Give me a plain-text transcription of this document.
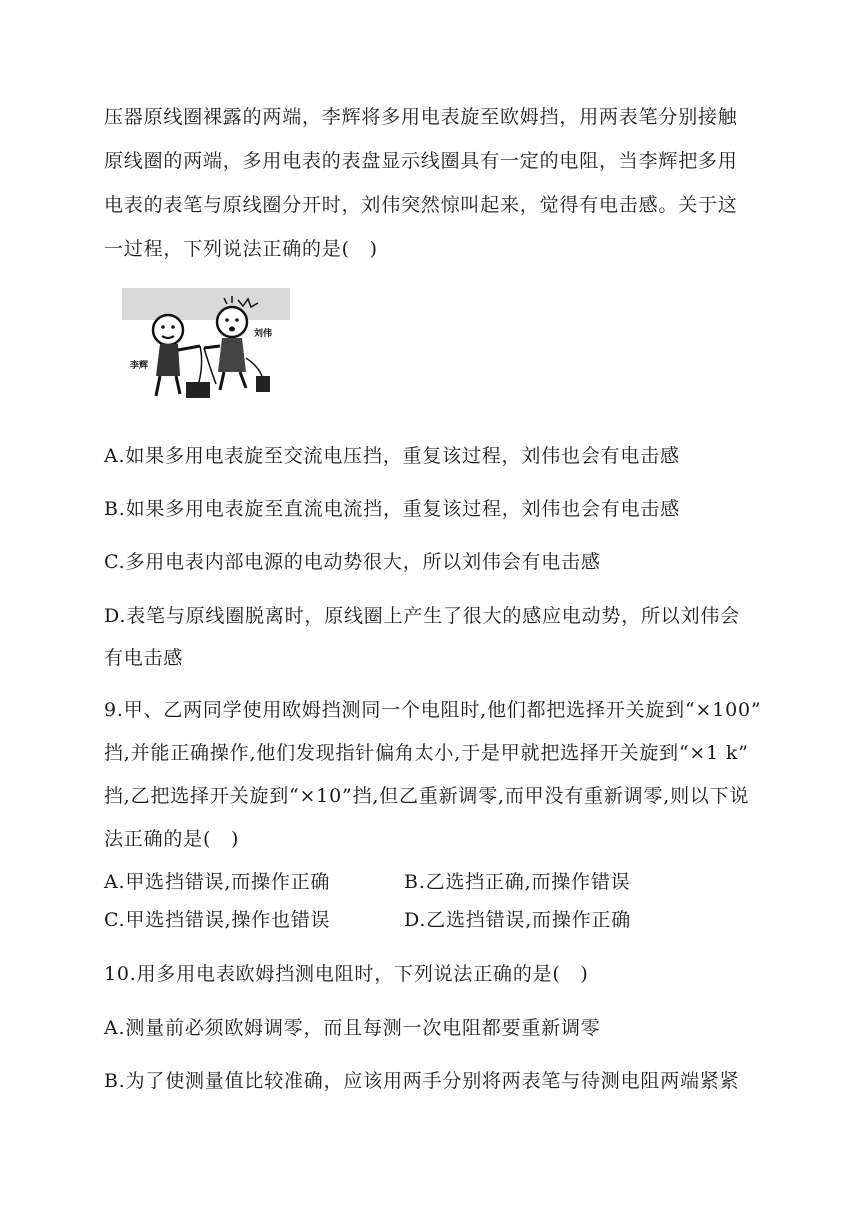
压器原线圈裸露的两端，李辉将多用电表旋至欧姆挡，用两表笔分别接触
原线圈的两端，多用电表的表盘显示线圈具有一定的电阻，当李辉把多用
电表的表笔与原线圈分开时，刘伟突然惊叫起来，觉得有电击感。关于这
一过程，下列说法正确的是(　)
李辉
刘伟
A.如果多用电表旋至交流电压挡，重复该过程，刘伟也会有电击感
B.如果多用电表旋至直流电流挡，重复该过程，刘伟也会有电击感
C.多用电表内部电源的电动势很大，所以刘伟会有电击感
D.表笔与原线圈脱离时，原线圈上产生了很大的感应电动势，所以刘伟会
有电击感
9.甲、乙两同学使用欧姆挡测同一个电阻时,他们都把选择开关旋到“×100”
挡,并能正确操作,他们发现指针偏角太小,于是甲就把选择开关旋到“×1 k”
挡,乙把选择开关旋到“×10”挡,但乙重新调零,而甲没有重新调零,则以下说
法正确的是(　)
A.甲选挡错误,而操作正确	B.乙选挡正确,而操作错误
C.甲选挡错误,操作也错误	D.乙选挡错误,而操作正确
10.用多用电表欧姆挡测电阻时，下列说法正确的是(　)
A.测量前必须欧姆调零，而且每测一次电阻都要重新调零
B.为了使测量值比较准确，应该用两手分别将两表笔与待测电阻两端紧紧
